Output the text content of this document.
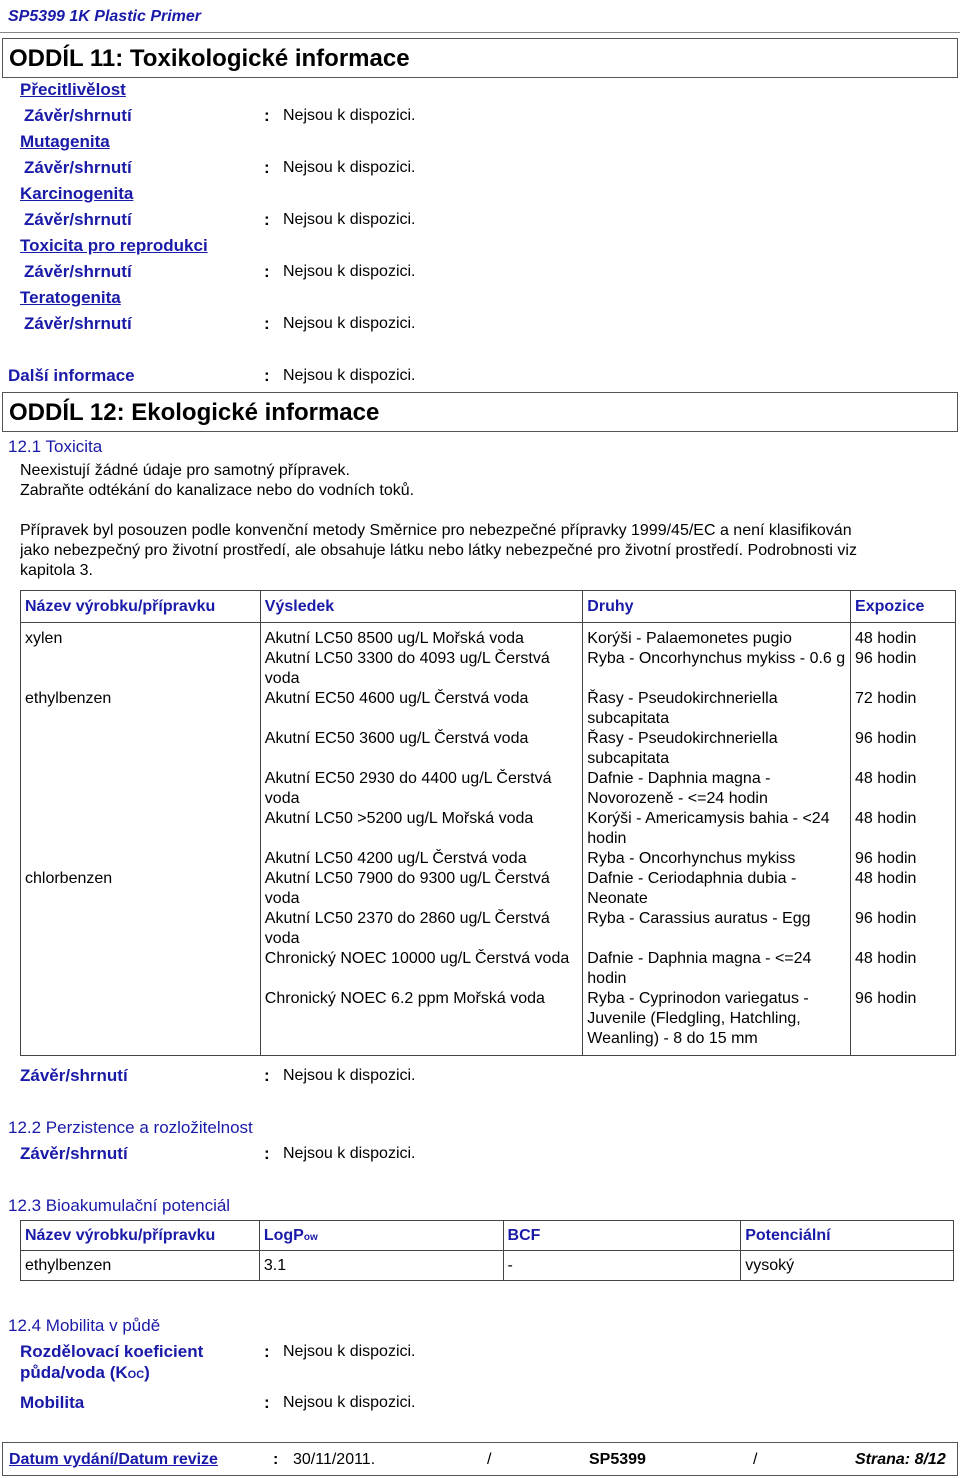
SP5399 1K Plastic Primer
ODDÍL 11: Toxikologické informace
Přecitlivělost
Závěr/shrnutí	: Nejsou k dispozici.
Mutagenita
Závěr/shrnutí	: Nejsou k dispozici.
Karcinogenita
Závěr/shrnutí	: Nejsou k dispozici.
Toxicita pro reprodukci
Závěr/shrnutí	: Nejsou k dispozici.
Teratogenita
Závěr/shrnutí	: Nejsou k dispozici.
Další informace	: Nejsou k dispozici.
ODDÍL 12: Ekologické informace
12.1 Toxicita
Neexistují žádné údaje pro samotný přípravek.
Zabraňte odtékání do kanalizace nebo do vodních toků.
Přípravek byl posouzen podle konvenční metody Směrnice pro nebezpečné přípravky 1999/45/EC a není klasifikován
jako nebezpečný pro životní prostředí, ale obsahuje látku nebo látky nebezpečné pro životní prostředí. Podrobnosti viz
kapitola 3.
Název výrobku/přípravku	Výsledek	Druhy	Expozice
xylen	Akutní LC50 8500 ug/L Mořská voda	Korýši - Palaemonetes pugio	48 hodin
	Akutní LC50 3300 do 4093 ug/L Čerstvá voda	Ryba - Oncorhynchus mykiss - 0.6 g	96 hodin
ethylbenzen	Akutní EC50 4600 ug/L Čerstvá voda	Řasy - Pseudokirchneriella subcapitata	72 hodin
	Akutní EC50 3600 ug/L Čerstvá voda	Řasy - Pseudokirchneriella subcapitata	96 hodin
	Akutní EC50 2930 do 4400 ug/L Čerstvá voda	Dafnie - Daphnia magna - Novorozeně - <=24 hodin	48 hodin
	Akutní LC50 >5200 ug/L Mořská voda	Korýši - Americamysis bahia - <24 hodin	48 hodin
	Akutní LC50 4200 ug/L Čerstvá voda	Ryba - Oncorhynchus mykiss	96 hodin
chlorbenzen	Akutní LC50 7900 do 9300 ug/L Čerstvá voda	Dafnie - Ceriodaphnia dubia - Neonate	48 hodin
	Akutní LC50 2370 do 2860 ug/L Čerstvá voda	Ryba - Carassius auratus - Egg	96 hodin
	Chronický NOEC 10000 ug/L Čerstvá voda	Dafnie - Daphnia magna - <=24 hodin	48 hodin
	Chronický NOEC 6.2 ppm Mořská voda	Ryba - Cyprinodon variegatus - Juvenile (Fledgling, Hatchling, Weanling) - 8 do 15 mm	96 hodin
Závěr/shrnutí	: Nejsou k dispozici.
12.2 Perzistence a rozložitelnost
Závěr/shrnutí	: Nejsou k dispozici.
12.3 Bioakumulační potenciál
Název výrobku/přípravku	LogPow	BCF	Potenciální
ethylbenzen	3.1	-	vysoký
12.4 Mobilita v půdě
Rozdělovací koeficient
půda/voda (KOC)
: Nejsou k dispozici.
Mobilita	: Nejsou k dispozici.
Datum vydání/Datum revize	: 30/11/2011.	/	SP5399	/	Strana: 8/12
